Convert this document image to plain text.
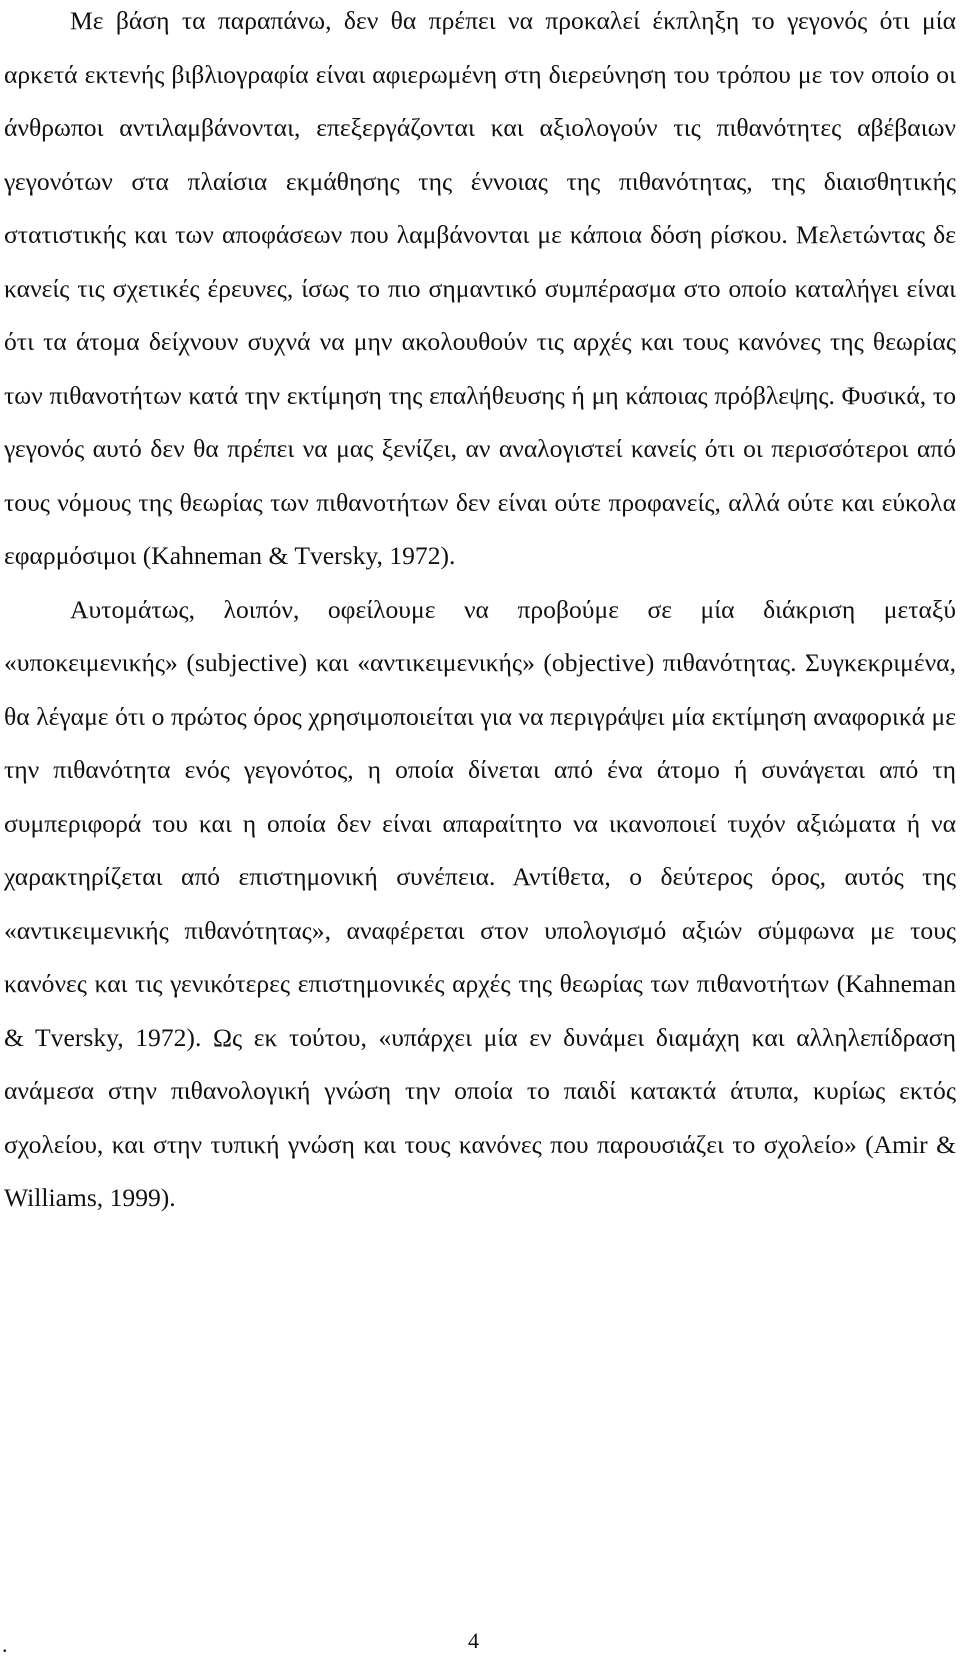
Με βάση τα παραπάνω, δεν θα πρέπει να προκαλεί έκπληξη το γεγονός ότι μία αρκετά εκτενής βιβλιογραφία είναι αφιερωμένη στη διερεύνηση του τρόπου με τον οποίο οι άνθρωποι αντιλαμβάνονται, επεξεργάζονται και αξιολογούν τις πιθανότητες αβέβαιων γεγονότων στα πλαίσια εκμάθησης της έννοιας της πιθανότητας, της διαισθητικής στατιστικής και των αποφάσεων που λαμβάνονται με κάποια δόση ρίσκου. Μελετώντας δε κανείς τις σχετικές έρευνες, ίσως το πιο σημαντικό συμπέρασμα στο οποίο καταλήγει είναι ότι τα άτομα δείχνουν συχνά να μην ακολουθούν τις αρχές και τους κανόνες της θεωρίας των πιθανοτήτων κατά την εκτίμηση της επαλήθευσης ή μη κάποιας πρόβλεψης. Φυσικά, το γεγονός αυτό δεν θα πρέπει να μας ξενίζει, αν αναλογιστεί κανείς ότι οι περισσότεροι από τους νόμους της θεωρίας των πιθανοτήτων δεν είναι ούτε προφανείς, αλλά ούτε και εύκολα εφαρμόσιμοι (Kahneman & Tversky, 1972).

Αυτομάτως, λοιπόν, οφείλουμε να προβούμε σε μία διάκριση μεταξύ «υποκειμενικής» (subjective) και «αντικειμενικής» (objective) πιθανότητας. Συγκεκριμένα, θα λέγαμε ότι ο πρώτος όρος χρησιμοποιείται για να περιγράψει μία εκτίμηση αναφορικά με την πιθανότητα ενός γεγονότος, η οποία δίνεται από ένα άτομο ή συνάγεται από τη συμπεριφορά του και η οποία δεν είναι απαραίτητο να ικανοποιεί τυχόν αξιώματα ή να χαρακτηρίζεται από επιστημονική συνέπεια. Αντίθετα, ο δεύτερος όρος, αυτός της «αντικειμενικής πιθανότητας», αναφέρεται στον υπολογισμό αξιών σύμφωνα με τους κανόνες και τις γενικότερες επιστημονικές αρχές της θεωρίας των πιθανοτήτων (Kahneman & Tversky, 1972). Ως εκ τούτου, «υπάρχει μία εν δυνάμει διαμάχη και αλληλεπίδραση ανάμεσα στην πιθανολογική γνώση την οποία το παιδί κατακτά άτυπα, κυρίως εκτός σχολείου, και στην τυπική γνώση και τους κανόνες που παρουσιάζει το σχολείο» (Amir & Williams, 1999).

.	4
